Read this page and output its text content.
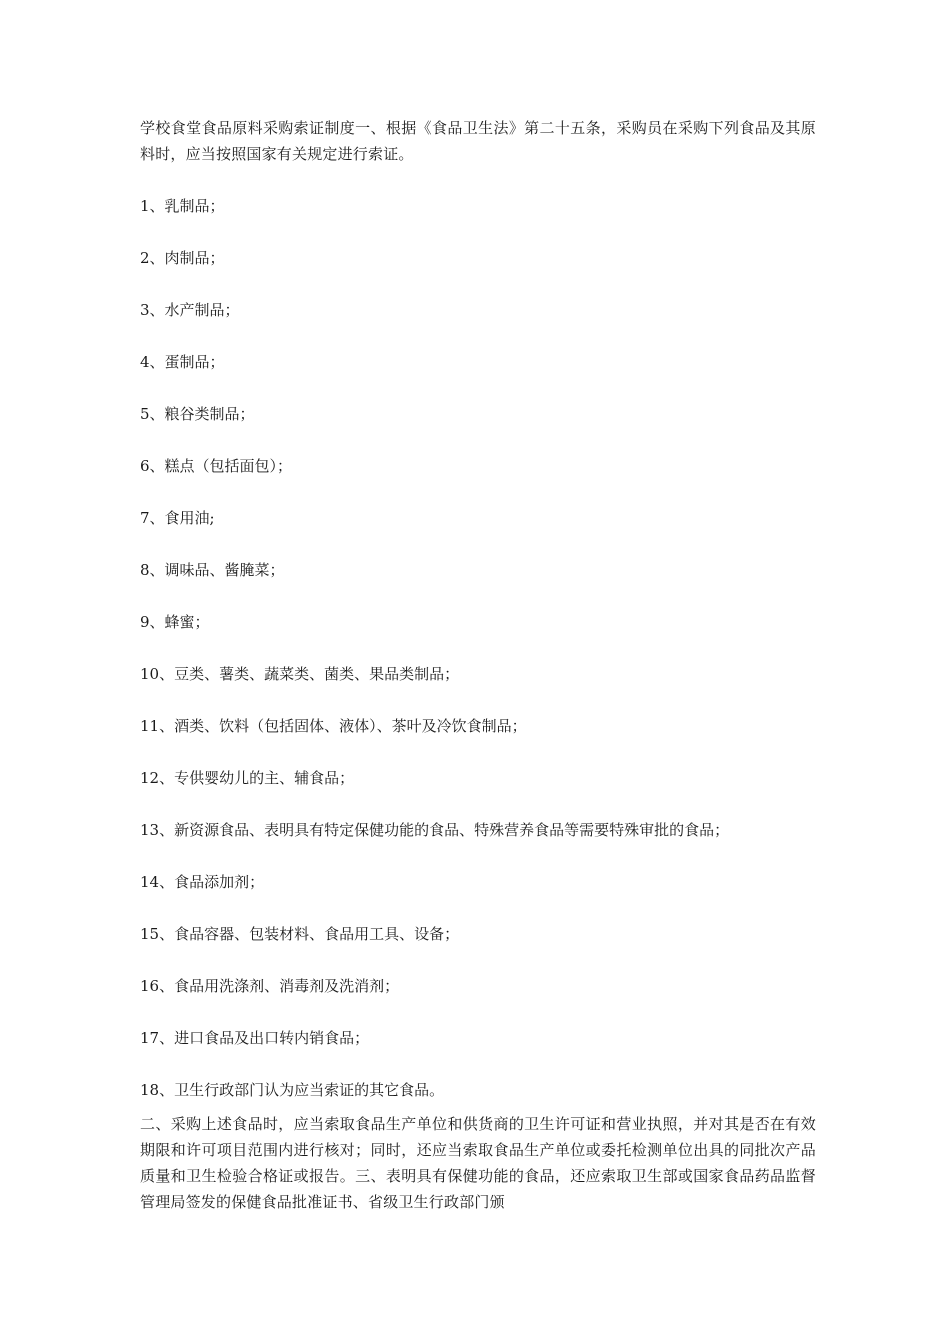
学校食堂食品原料采购索证制度一、根据《食品卫生法》第二十五条，采购员在采购下列食品及其原料时，应当按照国家有关规定进行索证。

1、乳制品；
2、肉制品；
3、水产制品；
4、蛋制品；
5、粮谷类制品；
6、糕点（包括面包）；
7、食用油;
8、调味品、酱腌菜；
9、蜂蜜；
10、豆类、薯类、蔬菜类、菌类、果品类制品；
11、酒类、饮料（包括固体、液体）、茶叶及冷饮食制品；
12、专供婴幼儿的主、辅食品；
13、新资源食品、表明具有特定保健功能的食品、特殊营养食品等需要特殊审批的食品；
14、食品添加剂；
15、食品容器、包装材料、食品用工具、设备；
16、食品用洗涤剂、消毒剂及洗消剂；
17、进口食品及出口转内销食品；
18、卫生行政部门认为应当索证的其它食品。

二、采购上述食品时，应当索取食品生产单位和供货商的卫生许可证和营业执照，并对其是否在有效期限和许可项目范围内进行核对；同时，还应当索取食品生产单位或委托检测单位出具的同批次产品质量和卫生检验合格证或报告。三、表明具有保健功能的食品，还应索取卫生部或国家食品药品监督管理局签发的保健食品批准证书、省级卫生行政部门颁
